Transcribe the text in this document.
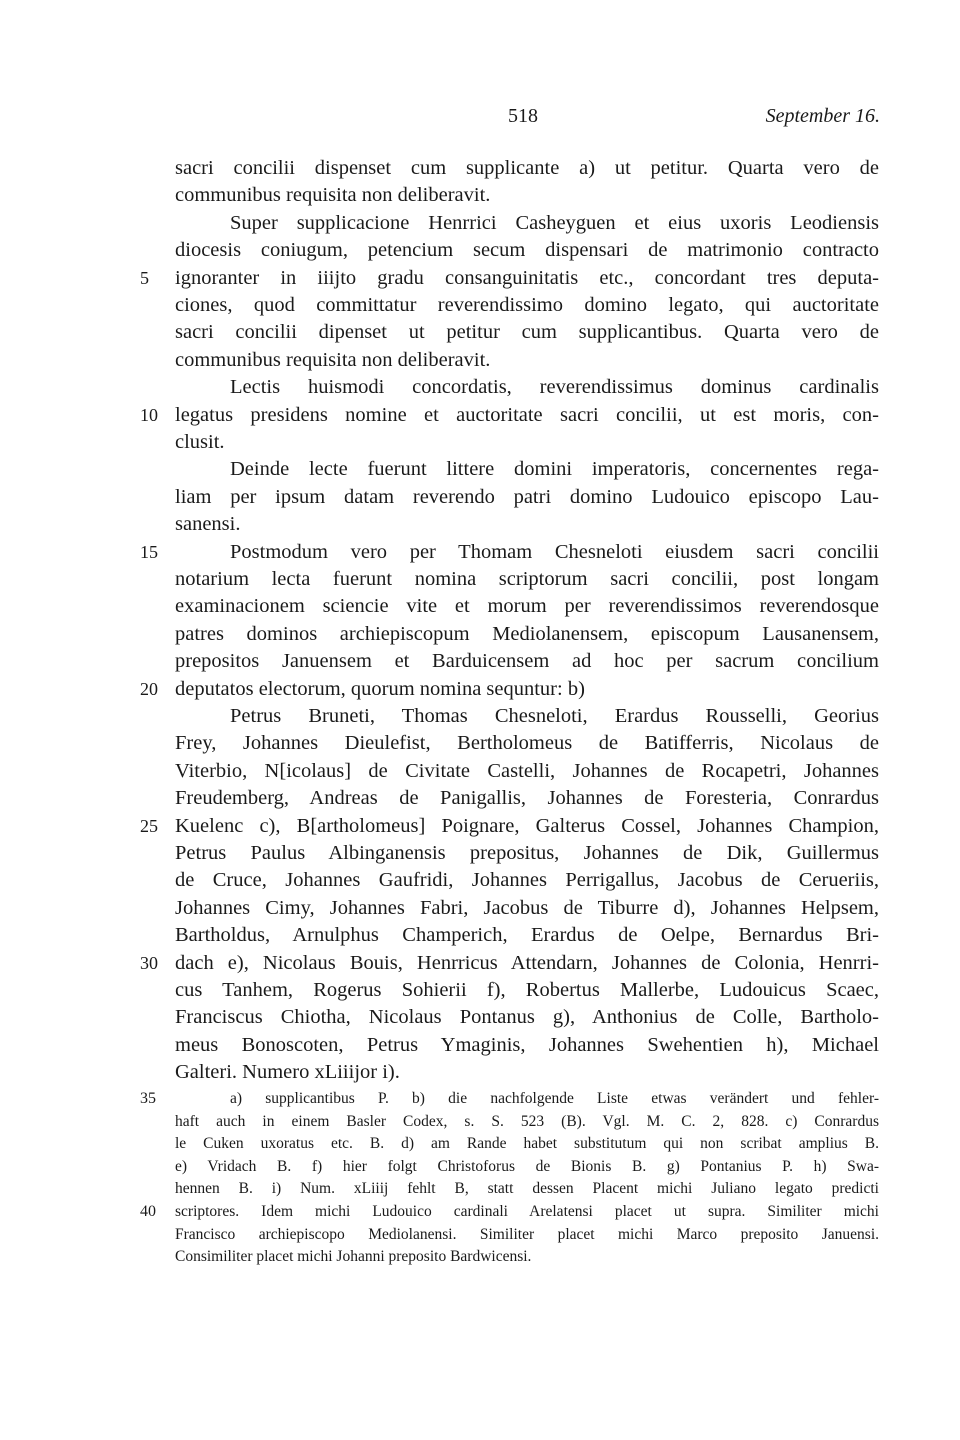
518	September 16.
sacri concilii dispenset cum supplicante a) ut petitur. Quarta vero de
communibus requisita non deliberavit.
Super supplicacione Henrrici Casheyguen et eius uxoris Leodiensis
diocesis coniugum, petencium secum dispensari de matrimonio contracto
ignoranter in iiijto gradu consanguinitatis etc., concordant tres deputa-
ciones, quod committatur reverendissimo domino legato, qui auctoritate
sacri concilii dipenset ut petitur cum supplicantibus. Quarta vero de
communibus requisita non deliberavit.
Lectis huismodi concordatis, reverendissimus dominus cardinalis
legatus presidens nomine et auctoritate sacri concilii, ut est moris, con-
clusit.
Deinde lecte fuerunt littere domini imperatoris, concernentes rega-
liam per ipsum datam reverendo patri domino Ludouico episcopo Lau-
sanensi.
Postmodum vero per Thomam Chesneloti eiusdem sacri concilii
notarium lecta fuerunt nomina scriptorum sacri concilii, post longam
examinacionem sciencie vite et morum per reverendissimos reverendosque
patres dominos archiepiscopum Mediolanensem, episcopum Lausanensem,
prepositos Januensem et Barduicensem ad hoc per sacrum concilium
deputatos electorum, quorum nomina sequntur: b)
Petrus Bruneti, Thomas Chesneloti, Erardus Rousselli, Georius
Frey, Johannes Dieulefist, Bertholomeus de Batifferris, Nicolaus de
Viterbio, N[icolaus] de Civitate Castelli, Johannes de Rocapetri, Johannes
Freudemberg, Andreas de Panigallis, Johannes de Foresteria, Conrardus
Kuelenc c), B[artholomeus] Poignare, Galterus Cossel, Johannes Champion,
Petrus Paulus Albinganensis prepositus, Johannes de Dik, Guillermus
de Cruce, Johannes Gaufridi, Johannes Perrigallus, Jacobus de Cerueriis,
Johannes Cimy, Johannes Fabri, Jacobus de Tiburre d), Johannes Helpsem,
Bartholdus, Arnulphus Champerich, Erardus de Oelpe, Bernardus Bri-
dach e), Nicolaus Bouis, Henrricus Attendarn, Johannes de Colonia, Henrri-
cus Tanhem, Rogerus Sohierii f), Robertus Mallerbe, Ludouicus Scaec,
Franciscus Chiotha, Nicolaus Pontanus g), Anthonius de Colle, Bartholo-
meus Bonoscoten, Petrus Ymaginis, Johannes Swehentien h), Michael
Galteri. Numero xLiiijor i).
5
10
15
20
25
30
a) supplicantibus P. b) die nachfolgende Liste etwas verändert und fehler-
haft auch in einem Basler Codex, s. S. 523 (B). Vgl. M. C. 2, 828. c) Conrardus
le Cuken uxoratus etc. B. d) am Rande habet substitutum qui non scribat amplius B.
e) Vridach B. f) hier folgt Christoforus de Bionis B. g) Pontanius P. h) Swa-
hennen B. i) Num. xLiiij fehlt B, statt dessen Placent michi Juliano legato predicti
scriptores. Idem michi Ludouico cardinali Arelatensi placet ut supra. Similiter michi
Francisco archiepiscopo Mediolanensi. Similiter placet michi Marco preposito Januensi.
Consimiliter placet michi Johanni preposito Bardwicensi.
35
40
